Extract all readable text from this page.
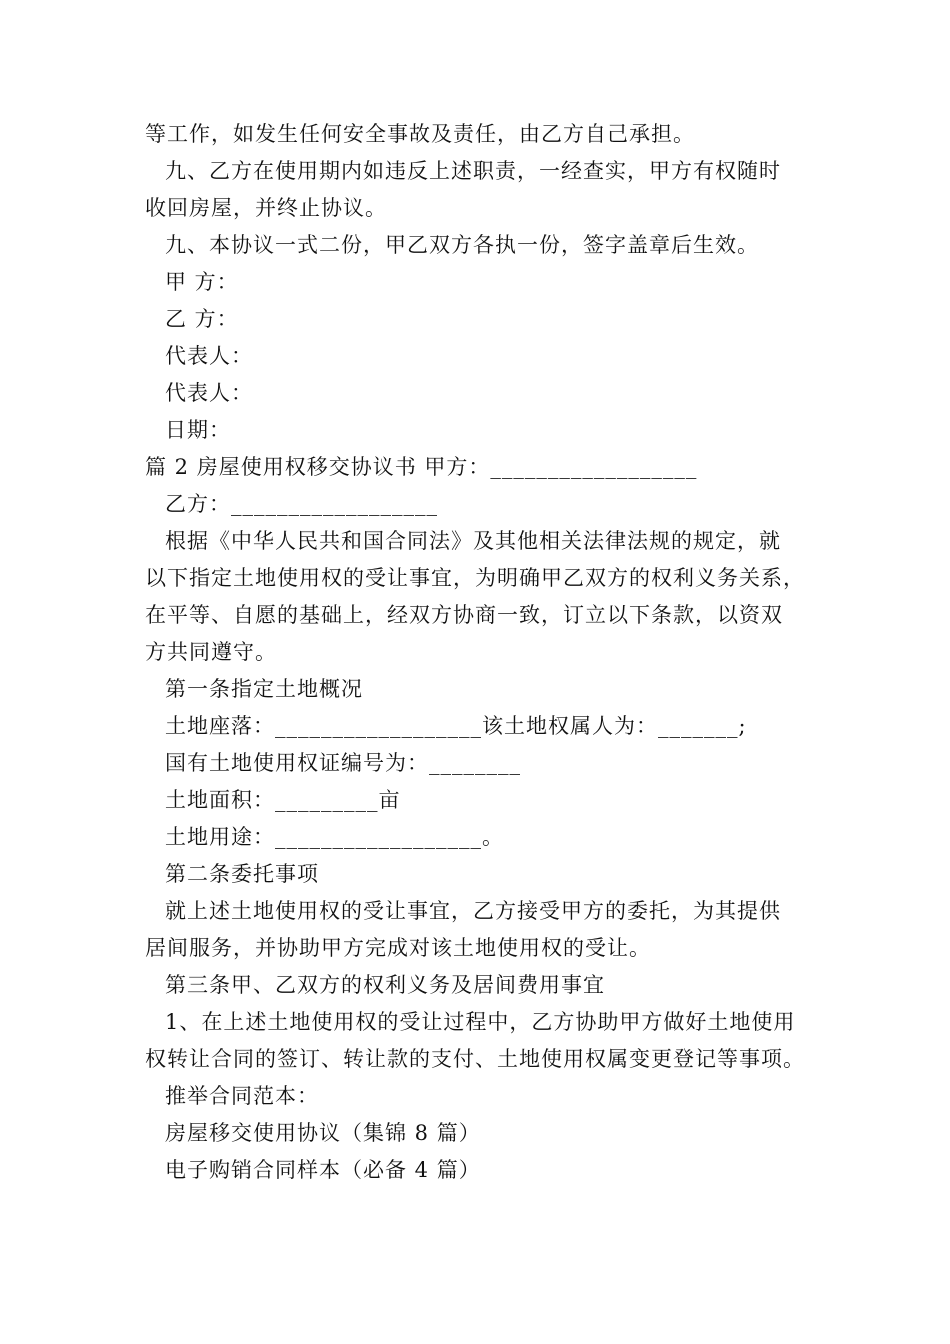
等工作，如发生任何安全事故及责任，由乙方自己承担。
九、乙方在使用期内如违反上述职责，一经查实，甲方有权随时
收回房屋，并终止协议。
九、本协议一式二份，甲乙双方各执一份，签字盖章后生效。
甲 方：
乙 方：
代表人：
代表人：
日期：
篇 2 房屋使用权移交协议书 甲方：__________________
乙方：__________________
根据《中华人民共和国合同法》及其他相关法律法规的规定，就
以下指定土地使用权的受让事宜，为明确甲乙双方的权利义务关系，
在平等、自愿的基础上，经双方协商一致，订立以下条款，以资双
方共同遵守。
第一条指定土地概况
土地座落：__________________该土地权属人为：_______;
国有土地使用权证编号为：________
土地面积：_________亩
土地用途：__________________。
第二条委托事项
就上述土地使用权的受让事宜，乙方接受甲方的委托，为其提供
居间服务，并协助甲方完成对该土地使用权的受让。
第三条甲、乙双方的权利义务及居间费用事宜
1、在上述土地使用权的受让过程中，乙方协助甲方做好土地使用
权转让合同的签订、转让款的支付、土地使用权属变更登记等事项。
推举合同范本：
房屋移交使用协议（集锦 8 篇）
电子购销合同样本（必备 4 篇）
